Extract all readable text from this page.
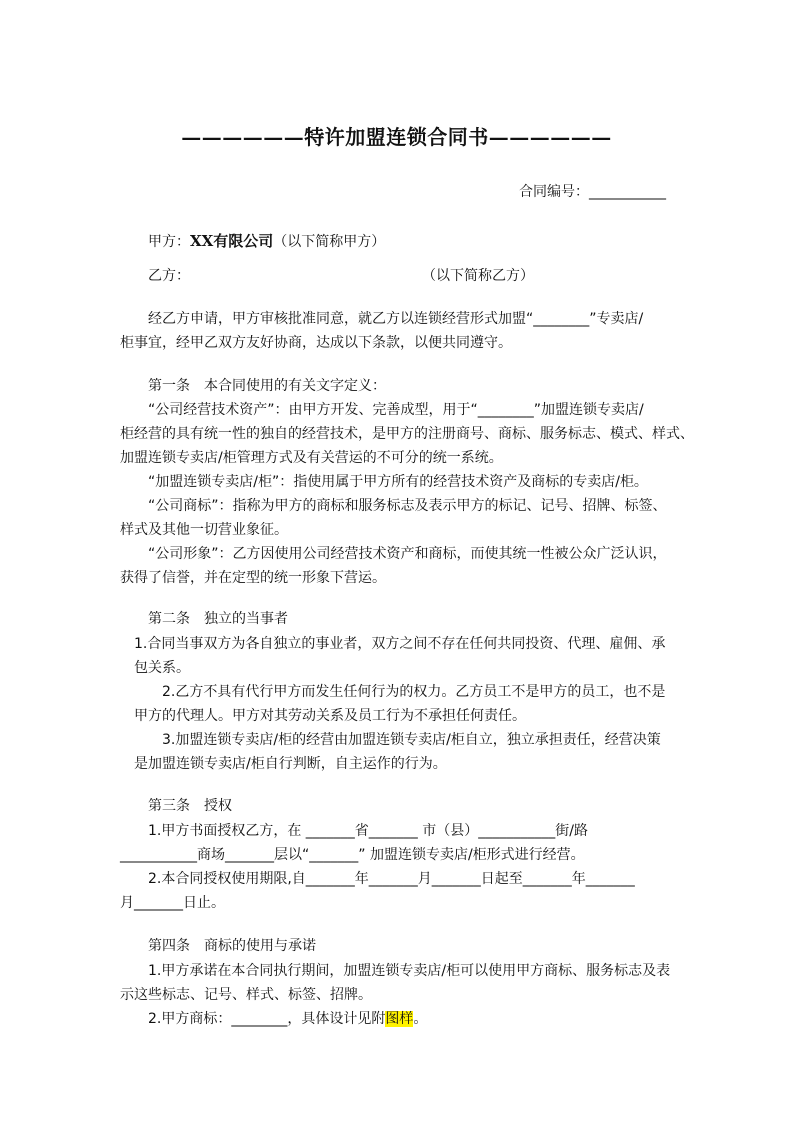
——————特许加盟连锁合同书——————
合同编号：___________
甲方：XX有限公司（以下简称甲方）
乙方：	（以下简称乙方）
经乙方申请，甲方审核批准同意，就乙方以连锁经营形式加盟“________”专卖店/
柜事宜，经甲乙双方友好协商，达成以下条款，以便共同遵守。
第一条　本合同使用的有关文字定义：
“公司经营技术资产”：由甲方开发、完善成型，用于“________”加盟连锁专卖店/
柜经营的具有统一性的独自的经营技术，是甲方的注册商号、商标、服务标志、模式、样式、
加盟连锁专卖店/柜管理方式及有关营运的不可分的统一系统。
“加盟连锁专卖店/柜”：指使用属于甲方所有的经营技术资产及商标的专卖店/柜。
“公司商标”：指称为甲方的商标和服务标志及表示甲方的标记、记号、招牌、标签、
样式及其他一切营业象征。
“公司形象”：乙方因使用公司经营技术资产和商标，而使其统一性被公众广泛认识，
获得了信誉，并在定型的统一形象下营运。
第二条　独立的当事者
1.合同当事双方为各自独立的事业者，双方之间不存在任何共同投资、代理、雇佣、承
包关系。
2.乙方不具有代行甲方而发生任何行为的权力。乙方员工不是甲方的员工，也不是
甲方的代理人。甲方对其劳动关系及员工行为不承担任何责任。
3.加盟连锁专卖店/柜的经营由加盟连锁专卖店/柜自立，独立承担责任，经营决策
是加盟连锁专卖店/柜自行判断，自主运作的行为。
第三条　授权
1.甲方书面授权乙方，在 _______省_______ 市（县）___________街/路
___________商场_______层以“_______” 加盟连锁专卖店/柜形式进行经营。
2.本合同授权使用期限,自_______年_______月_______日起至_______年_______
月_______日止。
第四条　商标的使用与承诺
1.甲方承诺在本合同执行期间，加盟连锁专卖店/柜可以使用甲方商标、服务标志及表
示这些标志、记号、样式、标签、招牌。
2.甲方商标：________，具体设计见附图样。
